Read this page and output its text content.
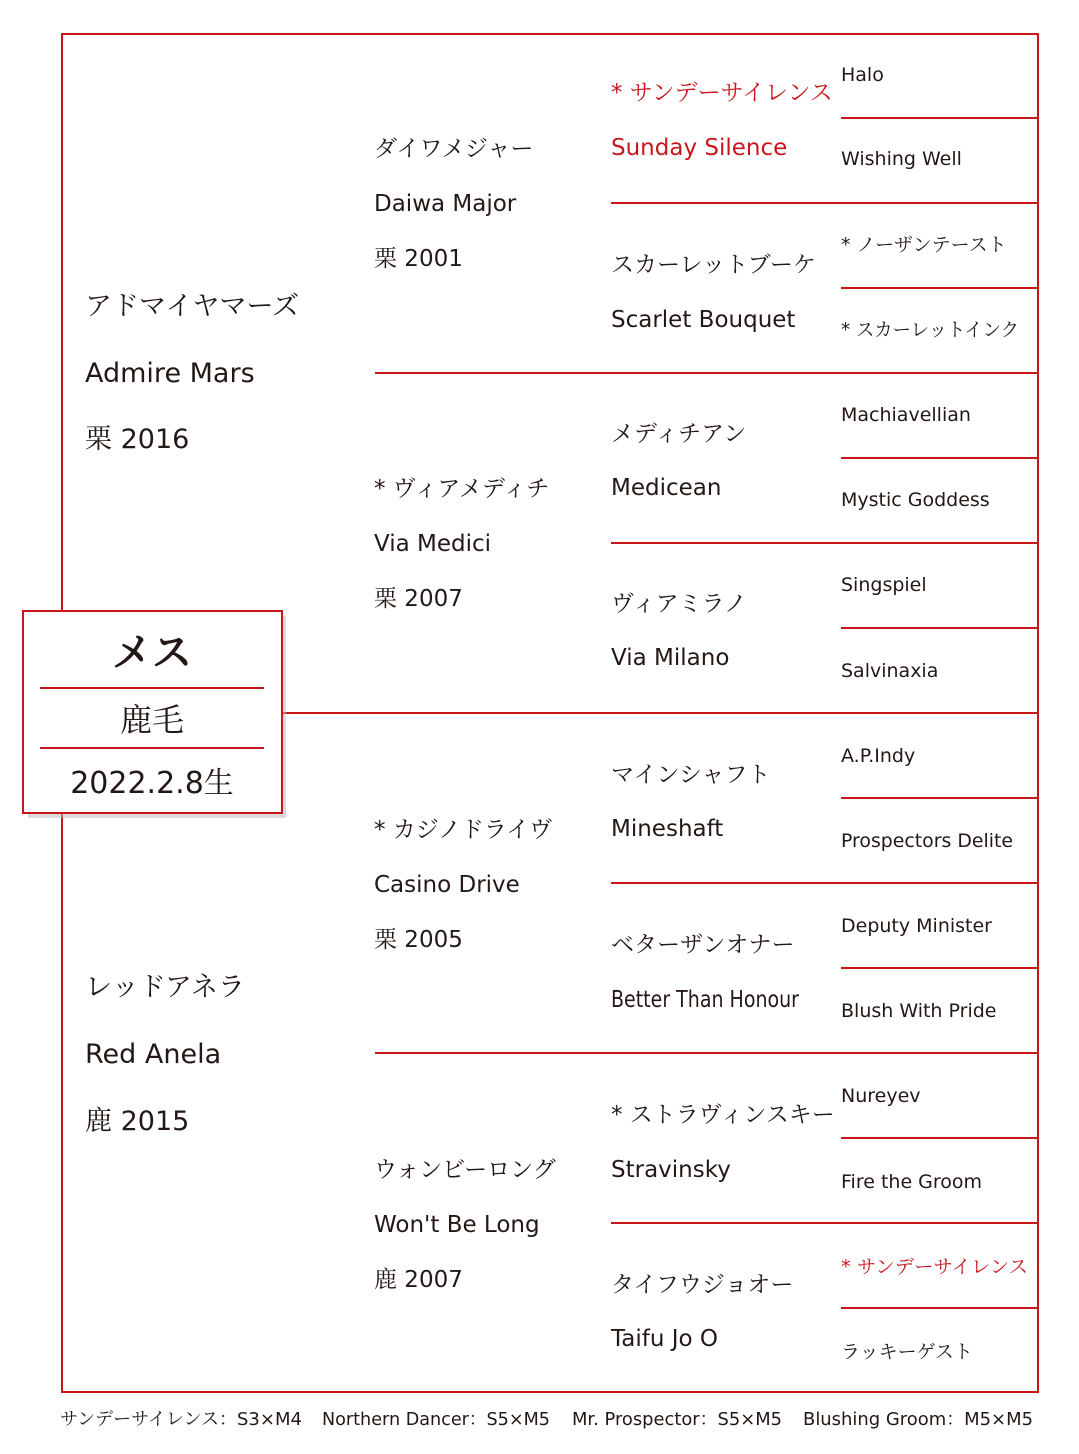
アドマイヤマーズ
Admire Mars
栗 2016
レッドアネラ
Red Anela
鹿 2015
ダイワメジャー
Daiwa Major
栗 2001
* ヴィアメディチ
Via Medici
栗 2007
* カジノドライヴ
Casino Drive
栗 2005
ウォンビーロング
Won't Be Long
鹿 2007
* サンデーサイレンス
Sunday Silence
スカーレットブーケ
Scarlet Bouquet
メディチアン
Medicean
ヴィアミラノ
Via Milano
マインシャフト
Mineshaft
ベターザンオナー
Better Than Honour
* ストラヴィンスキー
Stravinsky
タイフウジョオー
Taifu Jo O
Halo
Wishing Well
* ノーザンテースト
* スカーレットインク
Machiavellian
Mystic Goddess
Singspiel
Salvinaxia
A.P.Indy
Prospectors Delite
Deputy Minister
Blush With Pride
Nureyev
Fire the Groom
* サンデーサイレンス
ラッキーゲスト
メス
鹿毛
2022.2.8生
サンデーサイレンス：S3×M4 Northern Dancer：S5×M5 Mr. Prospector：S5×M5 Blushing Groom：M5×M5
